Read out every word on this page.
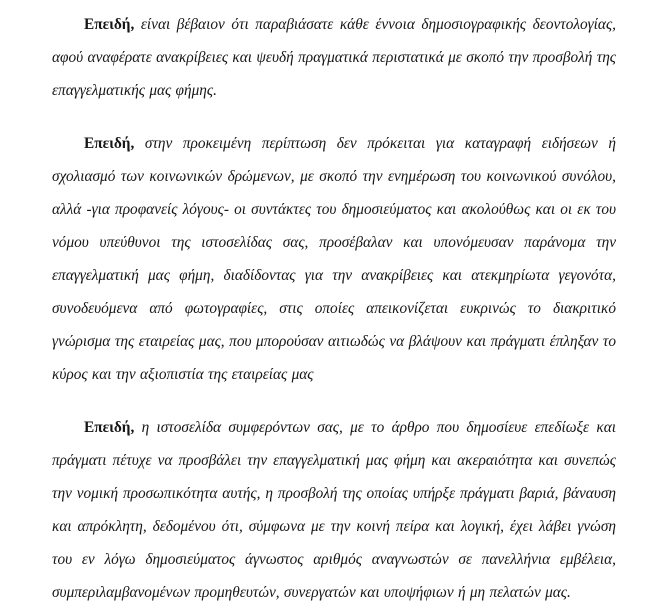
Επειδή, είναι βέβαιον ότι παραβιάσατε κάθε έννοια δημοσιογραφικής δεοντολογίας, αφού αναφέρατε ανακρίβειες και ψευδή πραγματικά περιστατικά με σκοπό την προσβολή της επαγγελματικής μας φήμης.

Επειδή, στην προκειμένη περίπτωση δεν πρόκειται για καταγραφή ειδήσεων ή σχολιασμό των κοινωνικών δρώμενων, με σκοπό την ενημέρωση του κοινωνικού συνόλου, αλλά -για προφανείς λόγους- οι συντάκτες του δημοσιεύματος και ακολούθως και οι εκ του νόμου υπεύθυνοι της ιστοσελίδας σας, προσέβαλαν και υπονόμευσαν παράνομα την επαγγελματική μας φήμη, διαδίδοντας για την ανακρίβειες και ατεκμηρίωτα γεγονότα, συνοδευόμενα από φωτογραφίες, στις οποίες απεικονίζεται ευκρινώς το διακριτικό γνώρισμα της εταιρείας μας, που μπορούσαν αιτιωδώς να βλάψουν και πράγματι έπληξαν το κύρος και την αξιοπιστία της εταιρείας μας

Επειδή, η ιστοσελίδα συμφερόντων σας, με το άρθρο που δημοσίευε επεδίωξε και πράγματι πέτυχε να προσβάλει την επαγγελματική μας φήμη και ακεραιότητα και συνεπώς την νομική προσωπικότητα αυτής, η προσβολή της οποίας υπήρξε πράγματι βαριά, βάναυση και απρόκλητη, δεδομένου ότι, σύμφωνα με την κοινή πείρα και λογική, έχει λάβει γνώση του εν λόγω δημοσιεύματος άγνωστος αριθμός αναγνωστών σε πανελλήνια εμβέλεια, συμπεριλαμβανομένων προμηθευτών, συνεργατών και υποψήφιων ή μη πελατών μας.
